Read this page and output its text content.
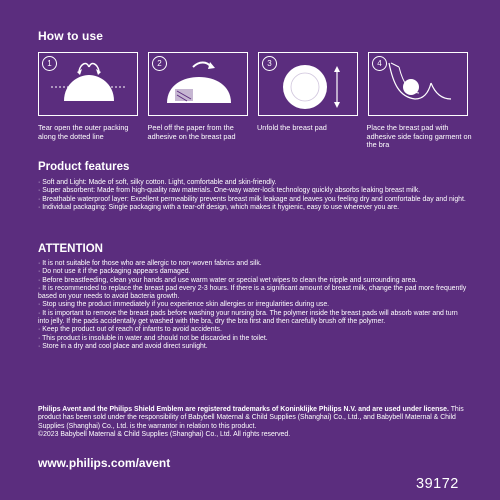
How to use
1	2	3	4
Tear open the outer packing along the dotted line
Peel off the paper from the adhesive on the breast pad
Unfold the breast pad	Place the breast pad with adhesive side facing garment on the bra
Product features
· Soft and Light: Made of soft, silky cotton. Light, comfortable and skin-friendly.
· Super absorbent: Made from high-quality raw materials. One-way water-lock technology quickly absorbs leaking breast milk.
· Breathable waterproof layer: Excellent permeability prevents breast milk leakage and leaves you feeling dry and comfortable day and night.
· Individual packaging: Single packaging with a tear-off design, which makes it hygienic, easy to use wherever you are.
ATTENTION
· It is not suitable for those who are allergic to non-woven fabrics and silk.
· Do not use it if the packaging appears damaged.
· Before breastfeeding, clean your hands and use warm water or special wet wipes to clean the nipple and surrounding area.
· It is recommended to replace the breast pad every 2-3 hours. If there is a significant amount of breast milk, change the pad more frequently based on your needs to avoid bacteria growth.
· Stop using the product immediately if you experience skin allergies or irregularities during use.
· It is important to remove the breast pads before washing your nursing bra. The polymer inside the breast pads will absorb water and turn into jelly. If the pads accidentally get washed with the bra, dry the bra first and then carefully brush off the polymer.
· Keep the product out of reach of infants to avoid accidents.
· This product is insoluble in water and should not be discarded in the toilet.
· Store in a dry and cool place and avoid direct sunlight.
Philips Avent and the Philips Shield Emblem are registered trademarks of Koninklijke Philips N.V. and are used under license. This product has been sold under the responsibility of Babybell Maternal & Child Supplies (Shanghai) Co., Ltd., and Babybell Maternal & Child Supplies (Shanghai) Co., Ltd. is the warrantor in relation to this product.
©2023 Babybell Maternal & Child Supplies (Shanghai) Co., Ltd. All rights reserved.
www.philips.com/avent
39172
